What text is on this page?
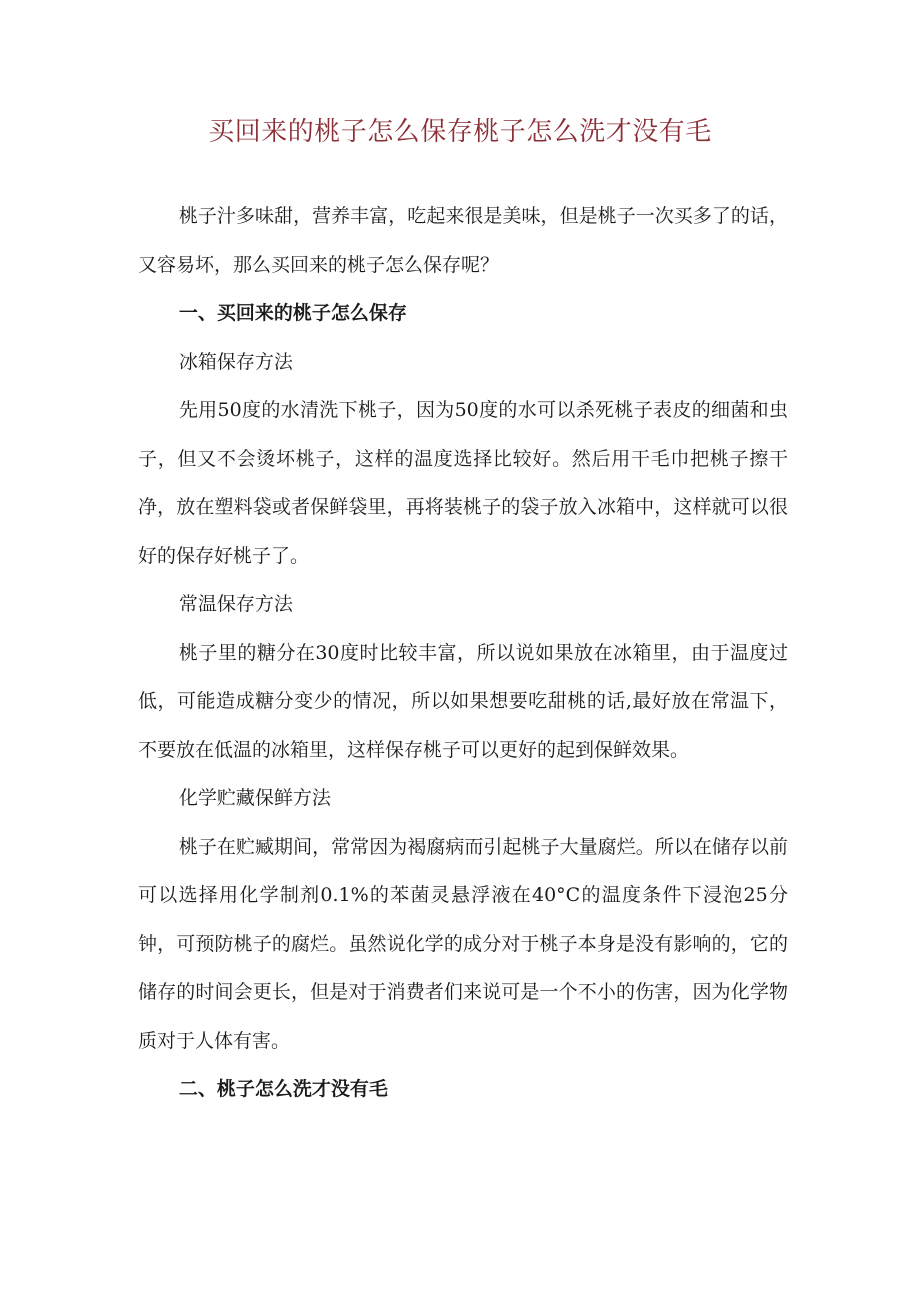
买回来的桃子怎么保存桃子怎么洗才没有毛

桃子汁多味甜，营养丰富，吃起来很是美味，但是桃子一次买多了的话，又容易坏，那么买回来的桃子怎么保存呢？

一、买回来的桃子怎么保存

冰箱保存方法

先用50度的水清洗下桃子，因为50度的水可以杀死桃子表皮的细菌和虫子，但又不会烫坏桃子，这样的温度选择比较好。然后用干毛巾把桃子擦干净，放在塑料袋或者保鲜袋里，再将装桃子的袋子放入冰箱中，这样就可以很好的保存好桃子了。

常温保存方法

桃子里的糖分在30度时比较丰富，所以说如果放在冰箱里，由于温度过低，可能造成糖分变少的情况，所以如果想要吃甜桃的话,最好放在常温下，不要放在低温的冰箱里，这样保存桃子可以更好的起到保鲜效果。

化学贮藏保鲜方法

桃子在贮臧期间，常常因为褐腐病而引起桃子大量腐烂。所以在储存以前可以选择用化学制剂0.1%的苯菌灵悬浮液在40°C的温度条件下浸泡25分钟，可预防桃子的腐烂。虽然说化学的成分对于桃子本身是没有影响的，它的储存的时间会更长，但是对于消费者们来说可是一个不小的伤害，因为化学物质对于人体有害。

二、桃子怎么洗才没有毛
